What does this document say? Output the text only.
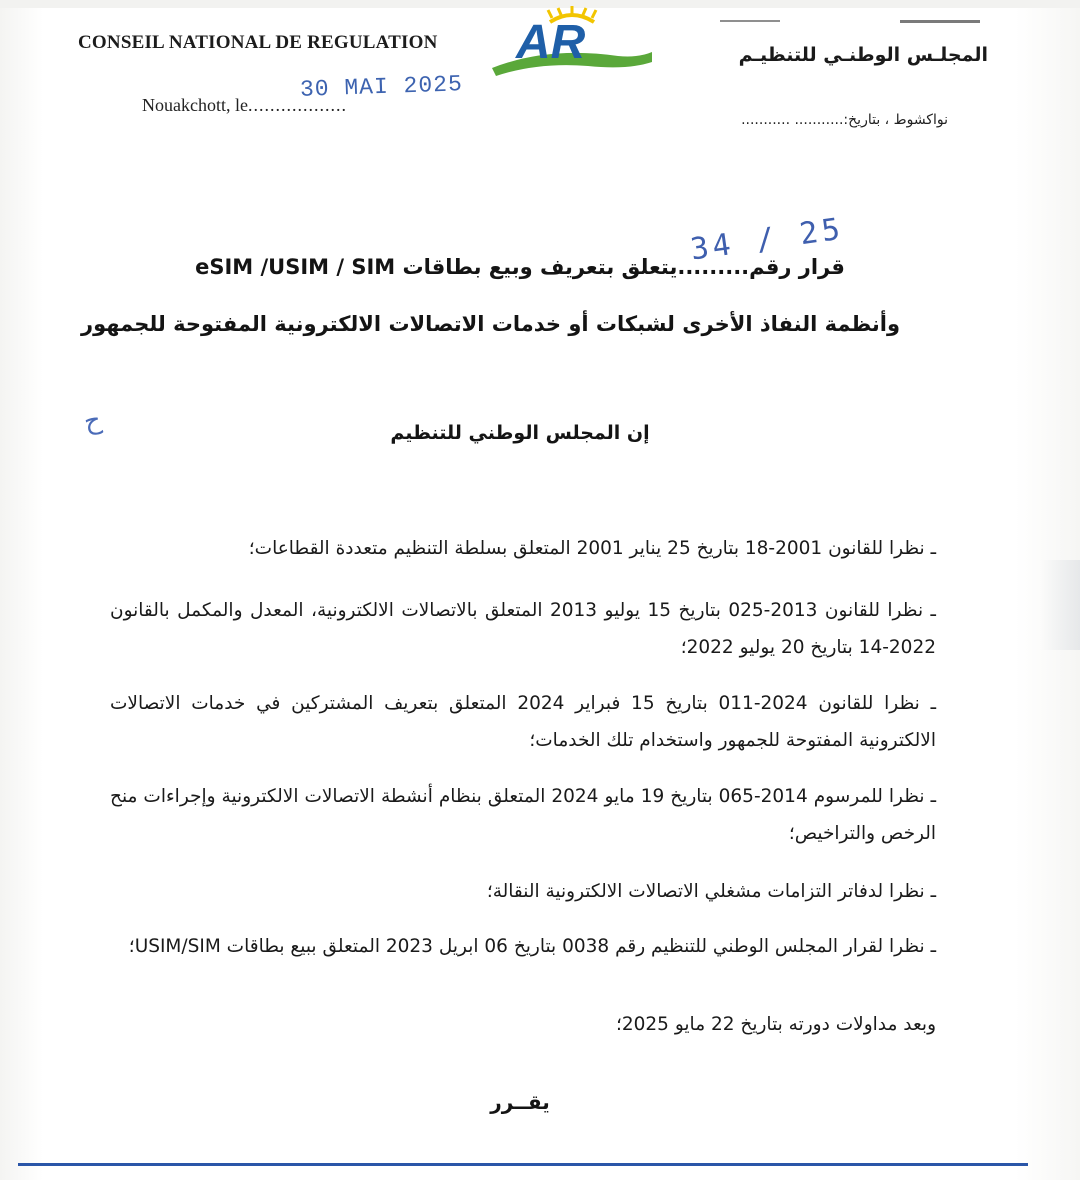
CONSEIL NATIONAL DE REGULATION
Nouakchott, le..................
30 MAI 2025
AR	المجلـس الوطنـي للتنظيـم
نواكشوط ، بتاريخ:........... ...........
34 / 25
قرار رقم.........يتعلق بتعريف وبيع بطاقات eSIM /USIM / SIM
وأنظمة النفاذ الأخرى لشبكات أو خدمات الاتصالات الالكترونية المفتوحة للجمهور
ح	إن المجلس الوطني للتنظيم
ـ نظرا للقانون 2001-18 بتاريخ 25 يناير 2001 المتعلق بسلطة التنظيم متعددة القطاعات؛
ـ نظرا للقانون 2013-025 بتاريخ 15 يوليو 2013 المتعلق بالاتصالات الالكترونية، المعدل والمكمل بالقانون 2022-14 بتاريخ 20 يوليو 2022؛
ـ نظرا للقانون 2024-011 بتاريخ 15 فبراير 2024 المتعلق بتعريف المشتركين في خدمات الاتصالات الالكترونية المفتوحة للجمهور واستخدام تلك الخدمات؛
ـ نظرا للمرسوم 2014-065 بتاريخ 19 مايو 2024 المتعلق بنظام أنشطة الاتصالات الالكترونية وإجراءات منح الرخص والتراخيص؛
ـ نظرا لدفاتر التزامات مشغلي الاتصالات الالكترونية النقالة؛
ـ نظرا لقرار المجلس الوطني للتنظيم رقم 0038 بتاريخ 06 ابريل 2023 المتعلق ببيع بطاقات USIM/SIM؛
وبعد مداولات دورته بتاريخ 22 مايو 2025؛
يقــرر
